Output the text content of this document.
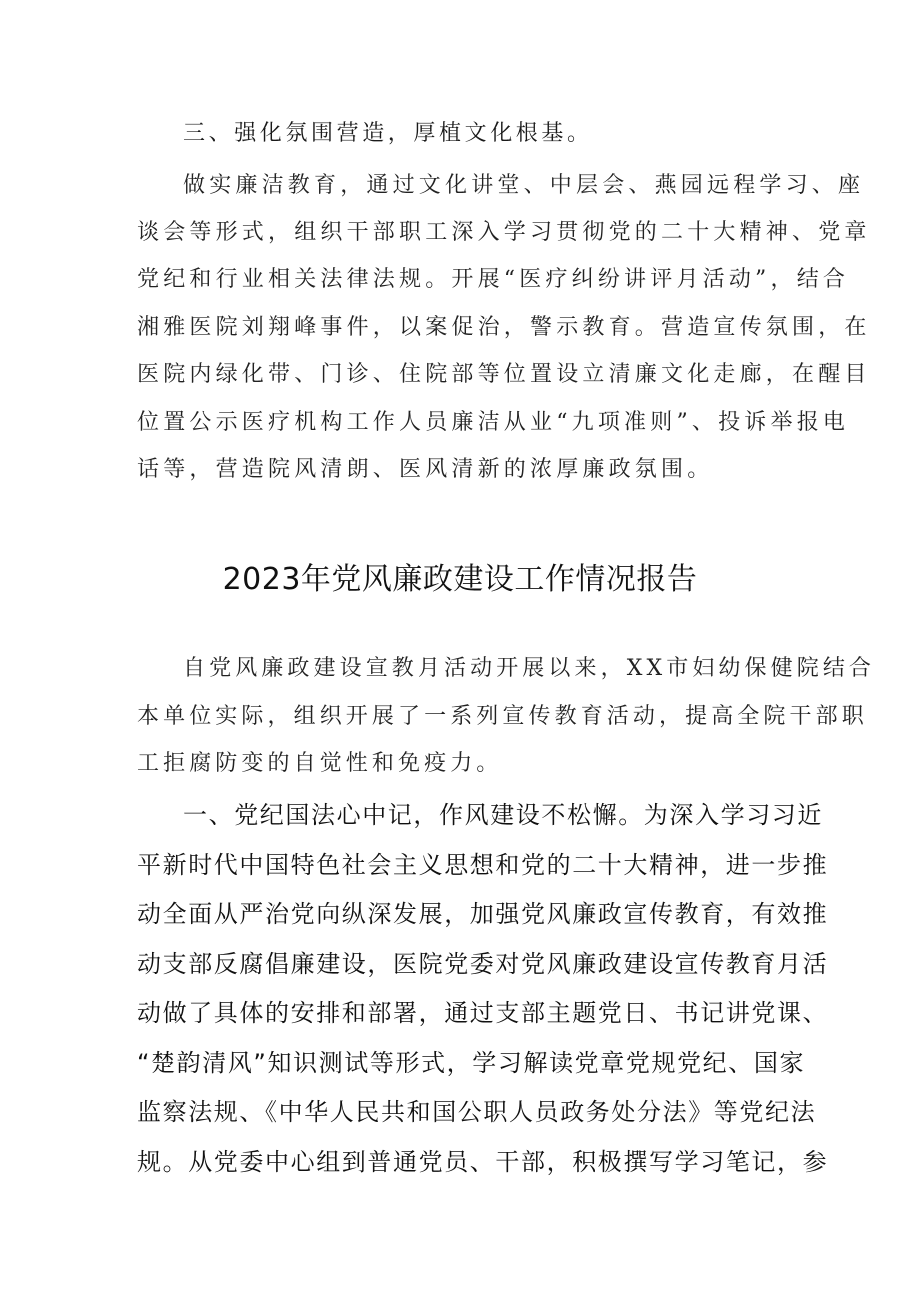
三、强化氛围营造，厚植文化根基。
做实廉洁教育，通过文化讲堂、中层会、燕园远程学习、座
谈会等形式，组织干部职工深入学习贯彻党的二十大精神、党章
党纪和行业相关法律法规。开展“医疗纠纷讲评月活动”，结合
湘雅医院刘翔峰事件，以案促治，警示教育。营造宣传氛围，在
医院内绿化带、门诊、住院部等位置设立清廉文化走廊，在醒目
位置公示医疗机构工作人员廉洁从业“九项准则”、投诉举报电
话等，营造院风清朗、医风清新的浓厚廉政氛围。
2023年党风廉政建设工作情况报告
自党风廉政建设宣教月活动开展以来，XX市妇幼保健院结合
本单位实际，组织开展了一系列宣传教育活动，提高全院干部职
工拒腐防变的自觉性和免疫力。
一、党纪国法心中记，作风建设不松懈。为深入学习习近
平新时代中国特色社会主义思想和党的二十大精神，进一步推
动全面从严治党向纵深发展，加强党风廉政宣传教育，有效推
动支部反腐倡廉建设，医院党委对党风廉政建设宣传教育月活
动做了具体的安排和部署，通过支部主题党日、书记讲党课、
“楚韵清风”知识测试等形式，学习解读党章党规党纪、国家
监察法规、《中华人民共和国公职人员政务处分法》等党纪法
规。从党委中心组到普通党员、干部，积极撰写学习笔记，参
